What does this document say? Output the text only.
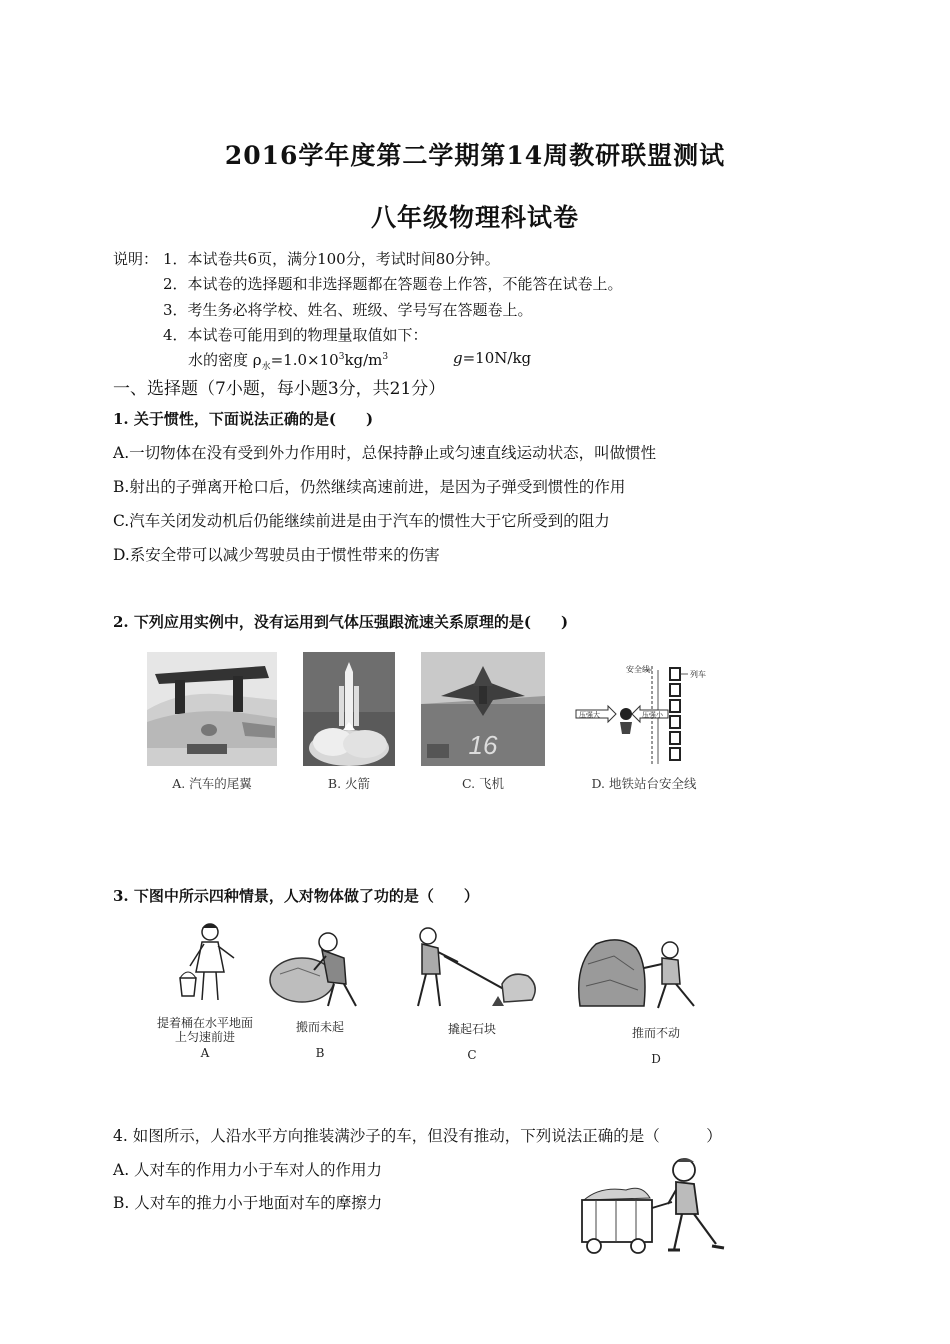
2016学年度第二学期第14周教研联盟测试
八年级物理科试卷
说明： 1．本试卷共6页，满分100分，考试时间80分钟。
2．本试卷的选择题和非选择题都在答题卷上作答，不能答在试卷上。
3．考生务必将学校、姓名、班级、学号写在答题卷上。
4．本试卷可能用到的物理量取值如下：
水的密度 $\rho_水=1.0\times 10^3kg/m^3$	g=10N/kg
一、选择题（7小题，每小题3分，共21分）
1. 关于惯性，下面说法正确的是(　　)
A.一切物体在没有受到外力作用时，总保持静止或匀速直线运动状态，叫做惯性
B.射出的子弹离开枪口后，仍然继续高速前进，是因为子弹受到惯性的作用
C.汽车关闭发动机后仍能继续前进是由于汽车的惯性大于它所受到的阻力
D.系安全带可以减少驾驶员由于惯性带来的伤害
2. 下列应用实例中，没有运用到气体压强跟流速关系原理的是(　　)
A. 汽车的尾翼	B. 火箭
16
C. 飞机
安全线
列车
压强大	压强小
D. 地铁站台安全线
3. 下图中所示四种情景，人对物体做了功的是（　　）
提着桶在水平地面
上匀速前进
A
搬而未起
B
撬起石块
C
推而不动
D
4. 如图所示，人沿水平方向推装满沙子的车，但没有推动，下列说法正确的是（　　　）
A. 人对车的作用力小于车对人的作用力
B. 人对车的推力小于地面对车的摩擦力
